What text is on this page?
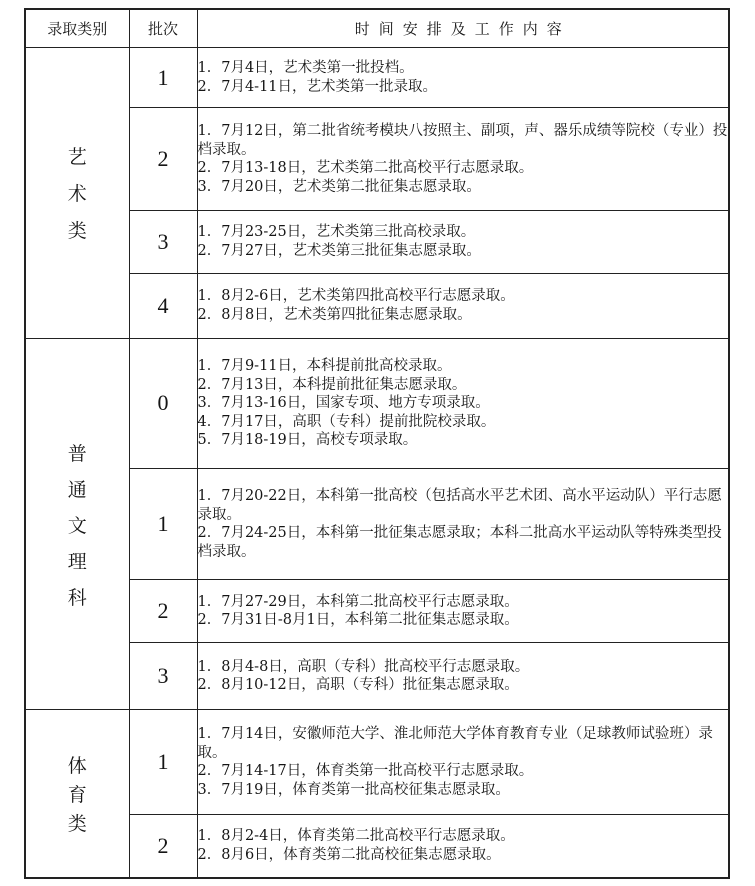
录取类别	批次	时间安排及工作内容

艺
术
类	1	1．7月4日，艺术类第一批投档。
2．7月4-11日，艺术类第一批录取。

	2	1．7月12日，第二批省统考模块八按照主、副项，声、器乐成绩等院校（专业）投档录取。
2．7月13-18日，艺术类第二批高校平行志愿录取。
3．7月20日，艺术类第二批征集志愿录取。

	3	1．7月23-25日，艺术类第三批高校录取。
2．7月27日，艺术类第三批征集志愿录取。

	4	1．8月2-6日，艺术类第四批高校平行志愿录取。
2．8月8日，艺术类第四批征集志愿录取。

普
通
文
理
科	0	1．7月9-11日，本科提前批高校录取。
2．7月13日，本科提前批征集志愿录取。
3．7月13-16日，国家专项、地方专项录取。
4．7月17日，高职（专科）提前批院校录取。
5．7月18-19日，高校专项录取。

	1	1．7月20-22日，本科第一批高校（包括高水平艺术团、高水平运动队）平行志愿录取。
2．7月24-25日，本科第一批征集志愿录取；本科二批高水平运动队等特殊类型投档录取。

	2	1．7月27-29日，本科第二批高校平行志愿录取。
2．7月31日-8月1日，本科第二批征集志愿录取。

	3	1．8月4-8日，高职（专科）批高校平行志愿录取。
2．8月10-12日，高职（专科）批征集志愿录取。

体
育
类	1	1．7月14日，安徽师范大学、淮北师范大学体育教育专业（足球教师试验班）录取。
2．7月14-17日，体育类第一批高校平行志愿录取。
3．7月19日，体育类第一批高校征集志愿录取。

	2	1．8月2-4日，体育类第二批高校平行志愿录取。
2．8月6日，体育类第二批高校征集志愿录取。
